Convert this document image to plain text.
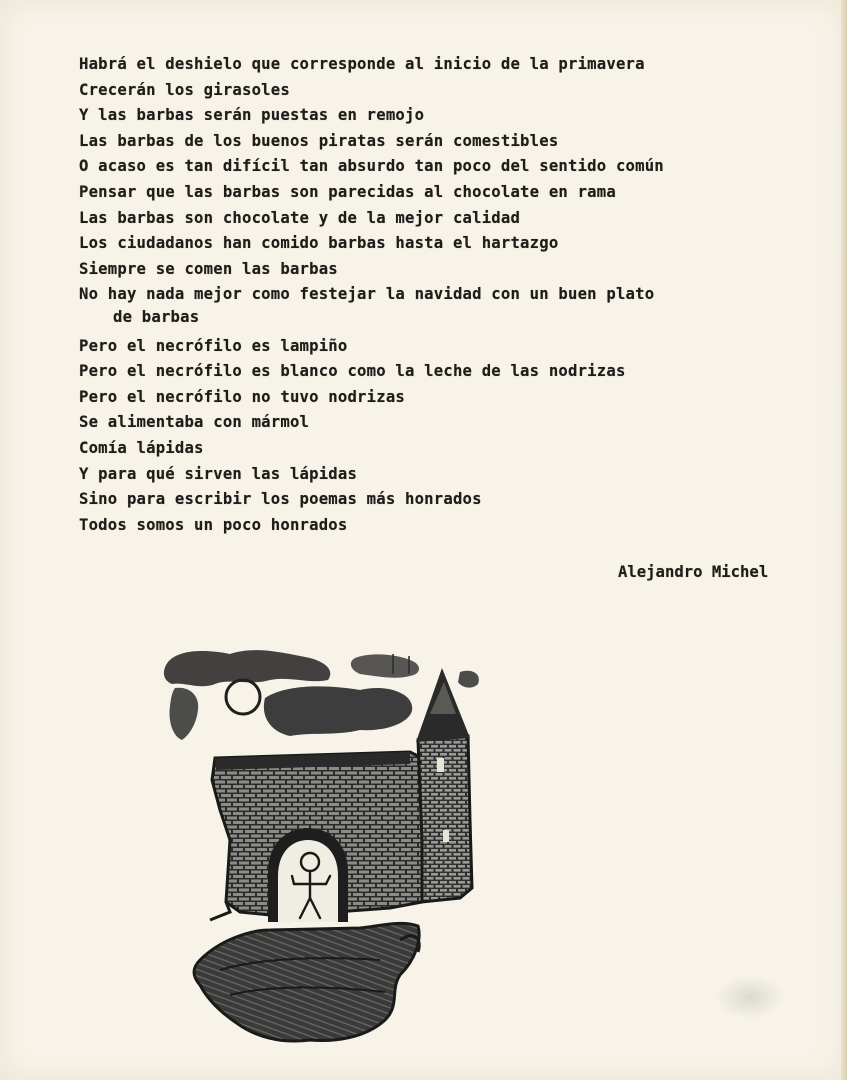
Habrá el deshielo que corresponde al inicio de la primavera
Crecerán los girasoles
Y las barbas serán puestas en remojo
Las barbas de los buenos piratas serán comestibles
O acaso es tan difícil tan absurdo tan poco del sentido común
Pensar que las barbas son parecidas al chocolate en rama
Las barbas son chocolate y de la mejor calidad
Los ciudadanos han comido barbas hasta el hartazgo
Siempre se comen las barbas
No hay nada mejor como festejar la navidad con un buen plato
de barbas
Pero el necrófilo es lampiño
Pero el necrófilo es blanco como la leche de las nodrizas
Pero el necrófilo no tuvo nodrizas
Se alimentaba con mármol
Comía lápidas
Y para qué sirven las lápidas
Sino para escribir los poemas más honrados
Todos somos un poco honrados
Alejandro Michel
